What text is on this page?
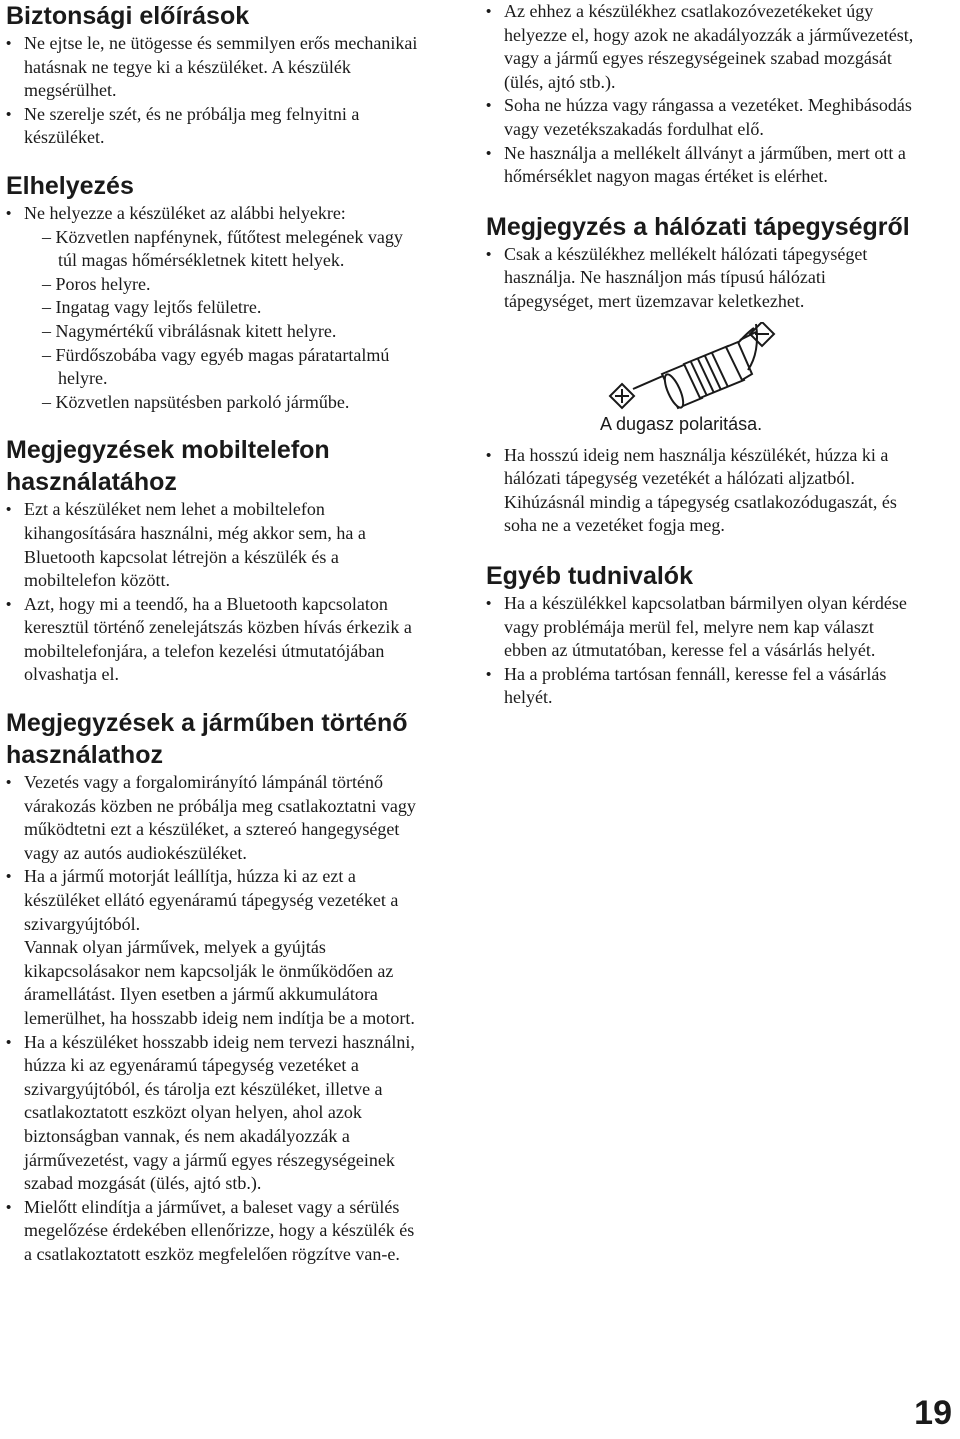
Biztonsági előírások
• Ne ejtse le, ne ütögesse és semmilyen erős mechanikai hatásnak ne tegye ki a készüléket. A készülék megsérülhet.
• Ne szerelje szét, és ne próbálja meg felnyitni a készüléket.
Elhelyezés
• Ne helyezze a készüléket az alábbi helyekre:
– Közvetlen napfénynek, fűtőtest melegének vagy túl magas hőmérsékletnek kitett helyek.
– Poros helyre.
– Ingatag vagy lejtős felületre.
– Nagymértékű vibrálásnak kitett helyre.
– Fürdőszobába vagy egyéb magas páratartalmú helyre.
– Közvetlen napsütésben parkoló járműbe.
Megjegyzések mobiltelefon használatához
• Ezt a készüléket nem lehet a mobiltelefon kihangosítására használni, még akkor sem, ha a Bluetooth kapcsolat létrejön a készülék és a mobiltelefon között.
• Azt, hogy mi a teendő, ha a Bluetooth kapcsolaton keresztül történő zenelejátszás közben hívás érkezik a mobiltelefonjára, a telefon kezelési útmutatójában olvashatja el.
Megjegyzések a járműben történő használathoz
• Vezetés vagy a forgalomirányító lámpánál történő várakozás közben ne próbálja meg csatlakoztatni vagy működtetni ezt a készüléket, a sztereó hangegységet vagy az autós audiokészüléket.
• Ha a jármű motorját leállítja, húzza ki az ezt a készüléket ellátó egyenáramú tápegység vezetéket a szivargyújtóból.

Vannak olyan járművek, melyek a gyújtás kikapcsolásakor nem kapcsolják le önműködően az áramellátást. Ilyen esetben a jármű akkumulátora lemerülhet, ha hosszabb ideig nem indítja be a motort.

• Ha a készüléket hosszabb ideig nem tervezi használni, húzza ki az egyenáramú tápegység vezetéket a szivargyújtóból, és tárolja ezt készüléket, illetve a csatlakoztatott eszközt olyan helyen, ahol azok biztonságban vannak, és nem akadályozzák a járművezetést, vagy a jármű egyes részegységeinek szabad mozgását (ülés, ajtó stb.).
• Mielőtt elindítja a járművet, a baleset vagy a sérülés megelőzése érdekében ellenőrizze, hogy a készülék és a csatlakoztatott eszköz megfelelően rögzítve van-e.
• Az ehhez a készülékhez csatlakozóvezetékeket úgy helyezze el, hogy azok ne akadályozzák a járművezetést, vagy a jármű egyes részegységeinek szabad mozgását (ülés, ajtó stb.).
• Soha ne húzza vagy rángassa a vezetéket. Meghibásodás vagy vezetékszakadás fordulhat elő.
• Ne használja a mellékelt állványt a járműben, mert ott a hőmérséklet nagyon magas értéket is elérhet.
Megjegyzés a hálózati tápegységről
• Csak a készülékhez mellékelt hálózati tápegységet használja. Ne használjon más típusú hálózati tápegységet, mert üzemzavar keletkezhet.
A dugasz polaritása.
• Ha hosszú ideig nem használja készülékét, húzza ki a hálózati tápegység vezetékét a hálózati aljzatból. Kihúzásnál mindig a tápegység csatlakozódugaszát, és soha ne a vezetéket fogja meg.
Egyéb tudnivalók
• Ha a készülékkel kapcsolatban bármilyen olyan kérdése vagy problémája merül fel, melyre nem kap választ ebben az útmutatóban, keresse fel a vásárlás helyét.
• Ha a probléma tartósan fennáll, keresse fel a vásárlás helyét.
19
